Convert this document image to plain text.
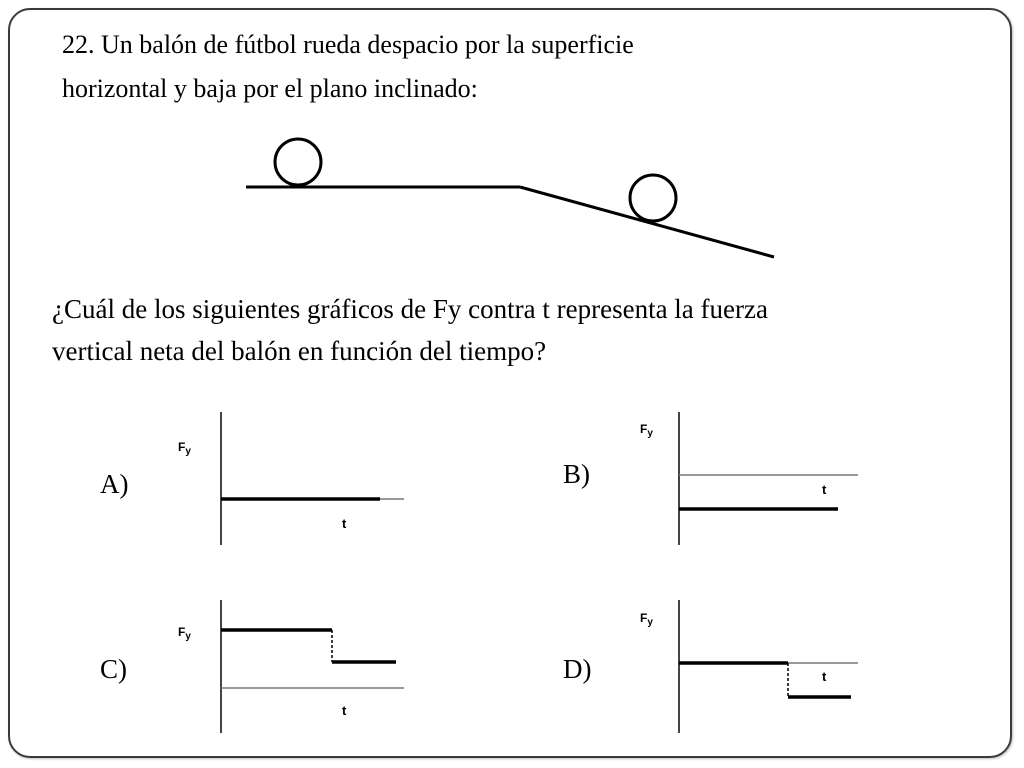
22. Un balón de fútbol rueda despacio por la superficie
horizontal y baja por el plano inclinado:
¿Cuál de los siguientes gráficos de Fy contra t representa la fuerza
vertical neta del balón en función del tiempo?
A)	B)
C)	D)
$F_y$
t
$F_y$
t
$F_y$
t
$F_y$
t
